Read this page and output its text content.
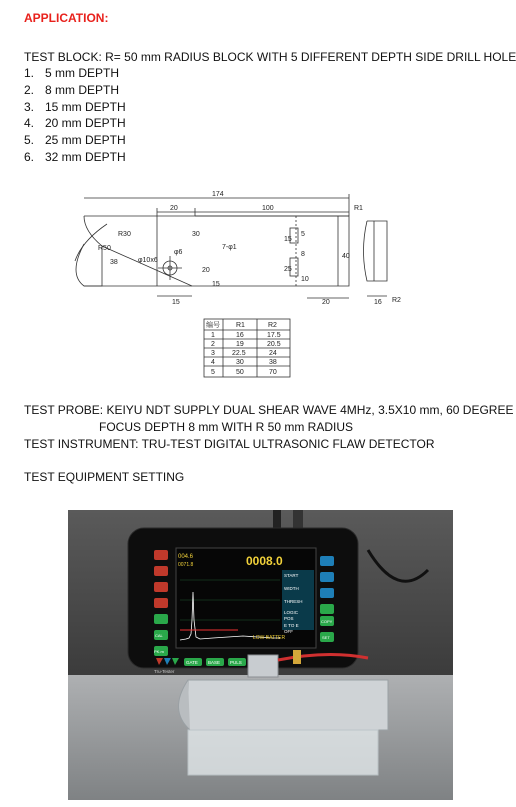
APPLICATION:
TEST BLOCK: R= 50 mm RADIUS BLOCK WITH 5 DIFFERENT DEPTH SIDE DRILL HOLE
1. 5 mm DEPTH
2. 8 mm DEPTH
3. 15 mm DEPTH
4. 20 mm DEPTH
5. 25 mm DEPTH
6. 32 mm DEPTH
174
100
20	R1
R2
16
40
20
15
R50
R30
38	φ10x6
φ6
7-φ1
30
20
15
15
25
8
5
10
编号 R1	R2
1	16	17.5
2	19	20.5
3 22.5	24
4	30	38
5	50	70
TEST PROBE: KEIYU NDT SUPPLY DUAL SHEAR WAVE 4MHz, 3.5X10 mm, 60 DEGREE
FOCUS DEPTH 8 mm WITH R 50 mm RADIUS
TEST INSTRUMENT: TRU-TEST DIGITAL ULTRASONIC FLAW DETECTOR
TEST EQUIPMENT SETTING
CAL
PK.m
COPY
SET
004.6
0071.8	0008.0
START
WIDTH
THRESH
LOGIC
POS
E TO E
OFF
LOW BATTER
Tru-Tester
GATE BASE PULS
